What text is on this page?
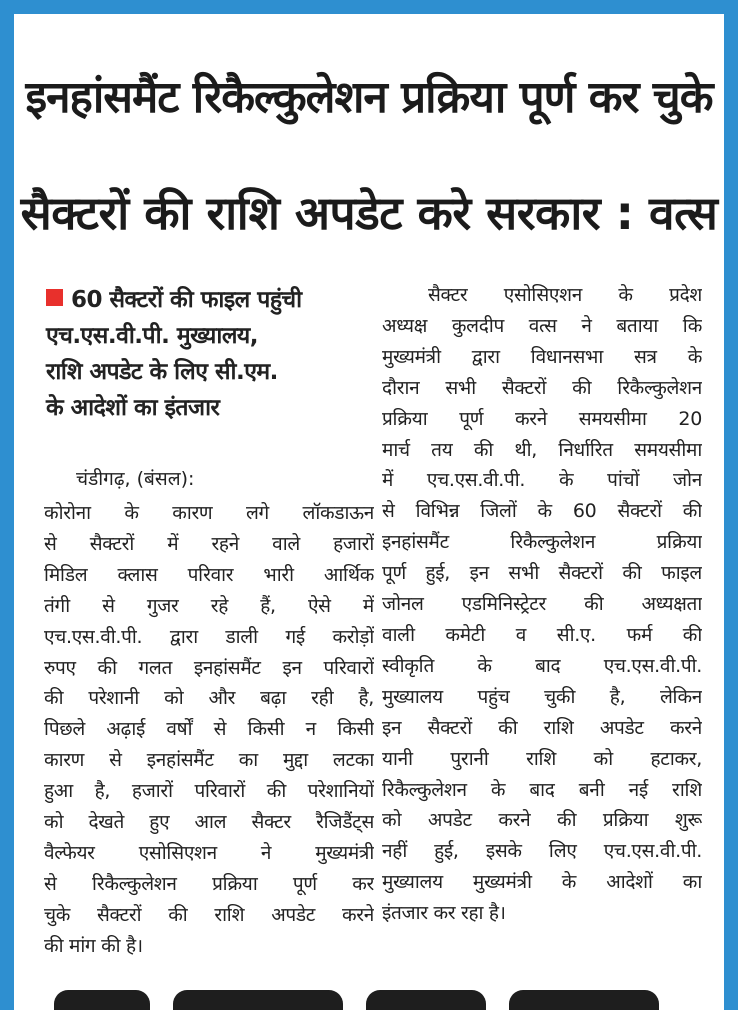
इनहांसमैंट रिकैल्कुलेशन प्रक्रिया पूर्ण कर चुके
सैक्टरों की राशि अपडेट करे सरकार : वत्स
60 सैक्टरों की फाइल पहुंची
एच.एस.वी.पी. मुख्यालय,
राशि अपडेट के लिए सी.एम.
के आदेशों का इंतजार
चंडीगढ़, (बंसल):
कोरोना के कारण लगे लॉकडाऊन
से सैक्टरों में रहने वाले हजारों
मिडिल क्लास परिवार भारी आर्थिक
तंगी से गुजर रहे हैं, ऐसे में
एच.एस.वी.पी. द्वारा डाली गई करोड़ों
रुपए की गलत इनहांसमैंट इन परिवारों
की परेशानी को और बढ़ा रही है,
पिछले अढ़ाई वर्षों से किसी न किसी
कारण से इनहांसमैंट का मुद्दा लटका
हुआ है, हजारों परिवारों की परेशानियों
को देखते हुए आल सैक्टर रैजिडैंट्स
वैल्फेयर एसोसिएशन ने मुख्यमंत्री
से रिकैल्कुलेशन प्रक्रिया पूर्ण कर
चुके सैक्टरों की राशि अपडेट करने
की मांग की है।
सैक्टर एसोसिएशन के प्रदेश
अध्यक्ष कुलदीप वत्स ने बताया कि
मुख्यमंत्री द्वारा विधानसभा सत्र के
दौरान सभी सैक्टरों की रिकैल्कुलेशन
प्रक्रिया पूर्ण करने समयसीमा 20
मार्च तय की थी, निर्धारित समयसीमा
में एच.एस.वी.पी. के पांचों जोन
से विभिन्न जिलों के 60 सैक्टरों की
इनहांसमैंट रिकैल्कुलेशन प्रक्रिया
पूर्ण हुई, इन सभी सैक्टरों की फाइल
जोनल एडमिनिस्ट्रेटर की अध्यक्षता
वाली कमेटी व सी.ए. फर्म की
स्वीकृति के बाद एच.एस.वी.पी.
मुख्यालय पहुंच चुकी है, लेकिन
इन सैक्टरों की राशि अपडेट करने
यानी पुरानी राशि को हटाकर,
रिकैल्कुलेशन के बाद बनी नई राशि
को अपडेट करने की प्रक्रिया शुरू
नहीं हुई, इसके लिए एच.एस.वी.पी.
मुख्यालय मुख्यमंत्री के आदेशों का
इंतजार कर रहा है।
